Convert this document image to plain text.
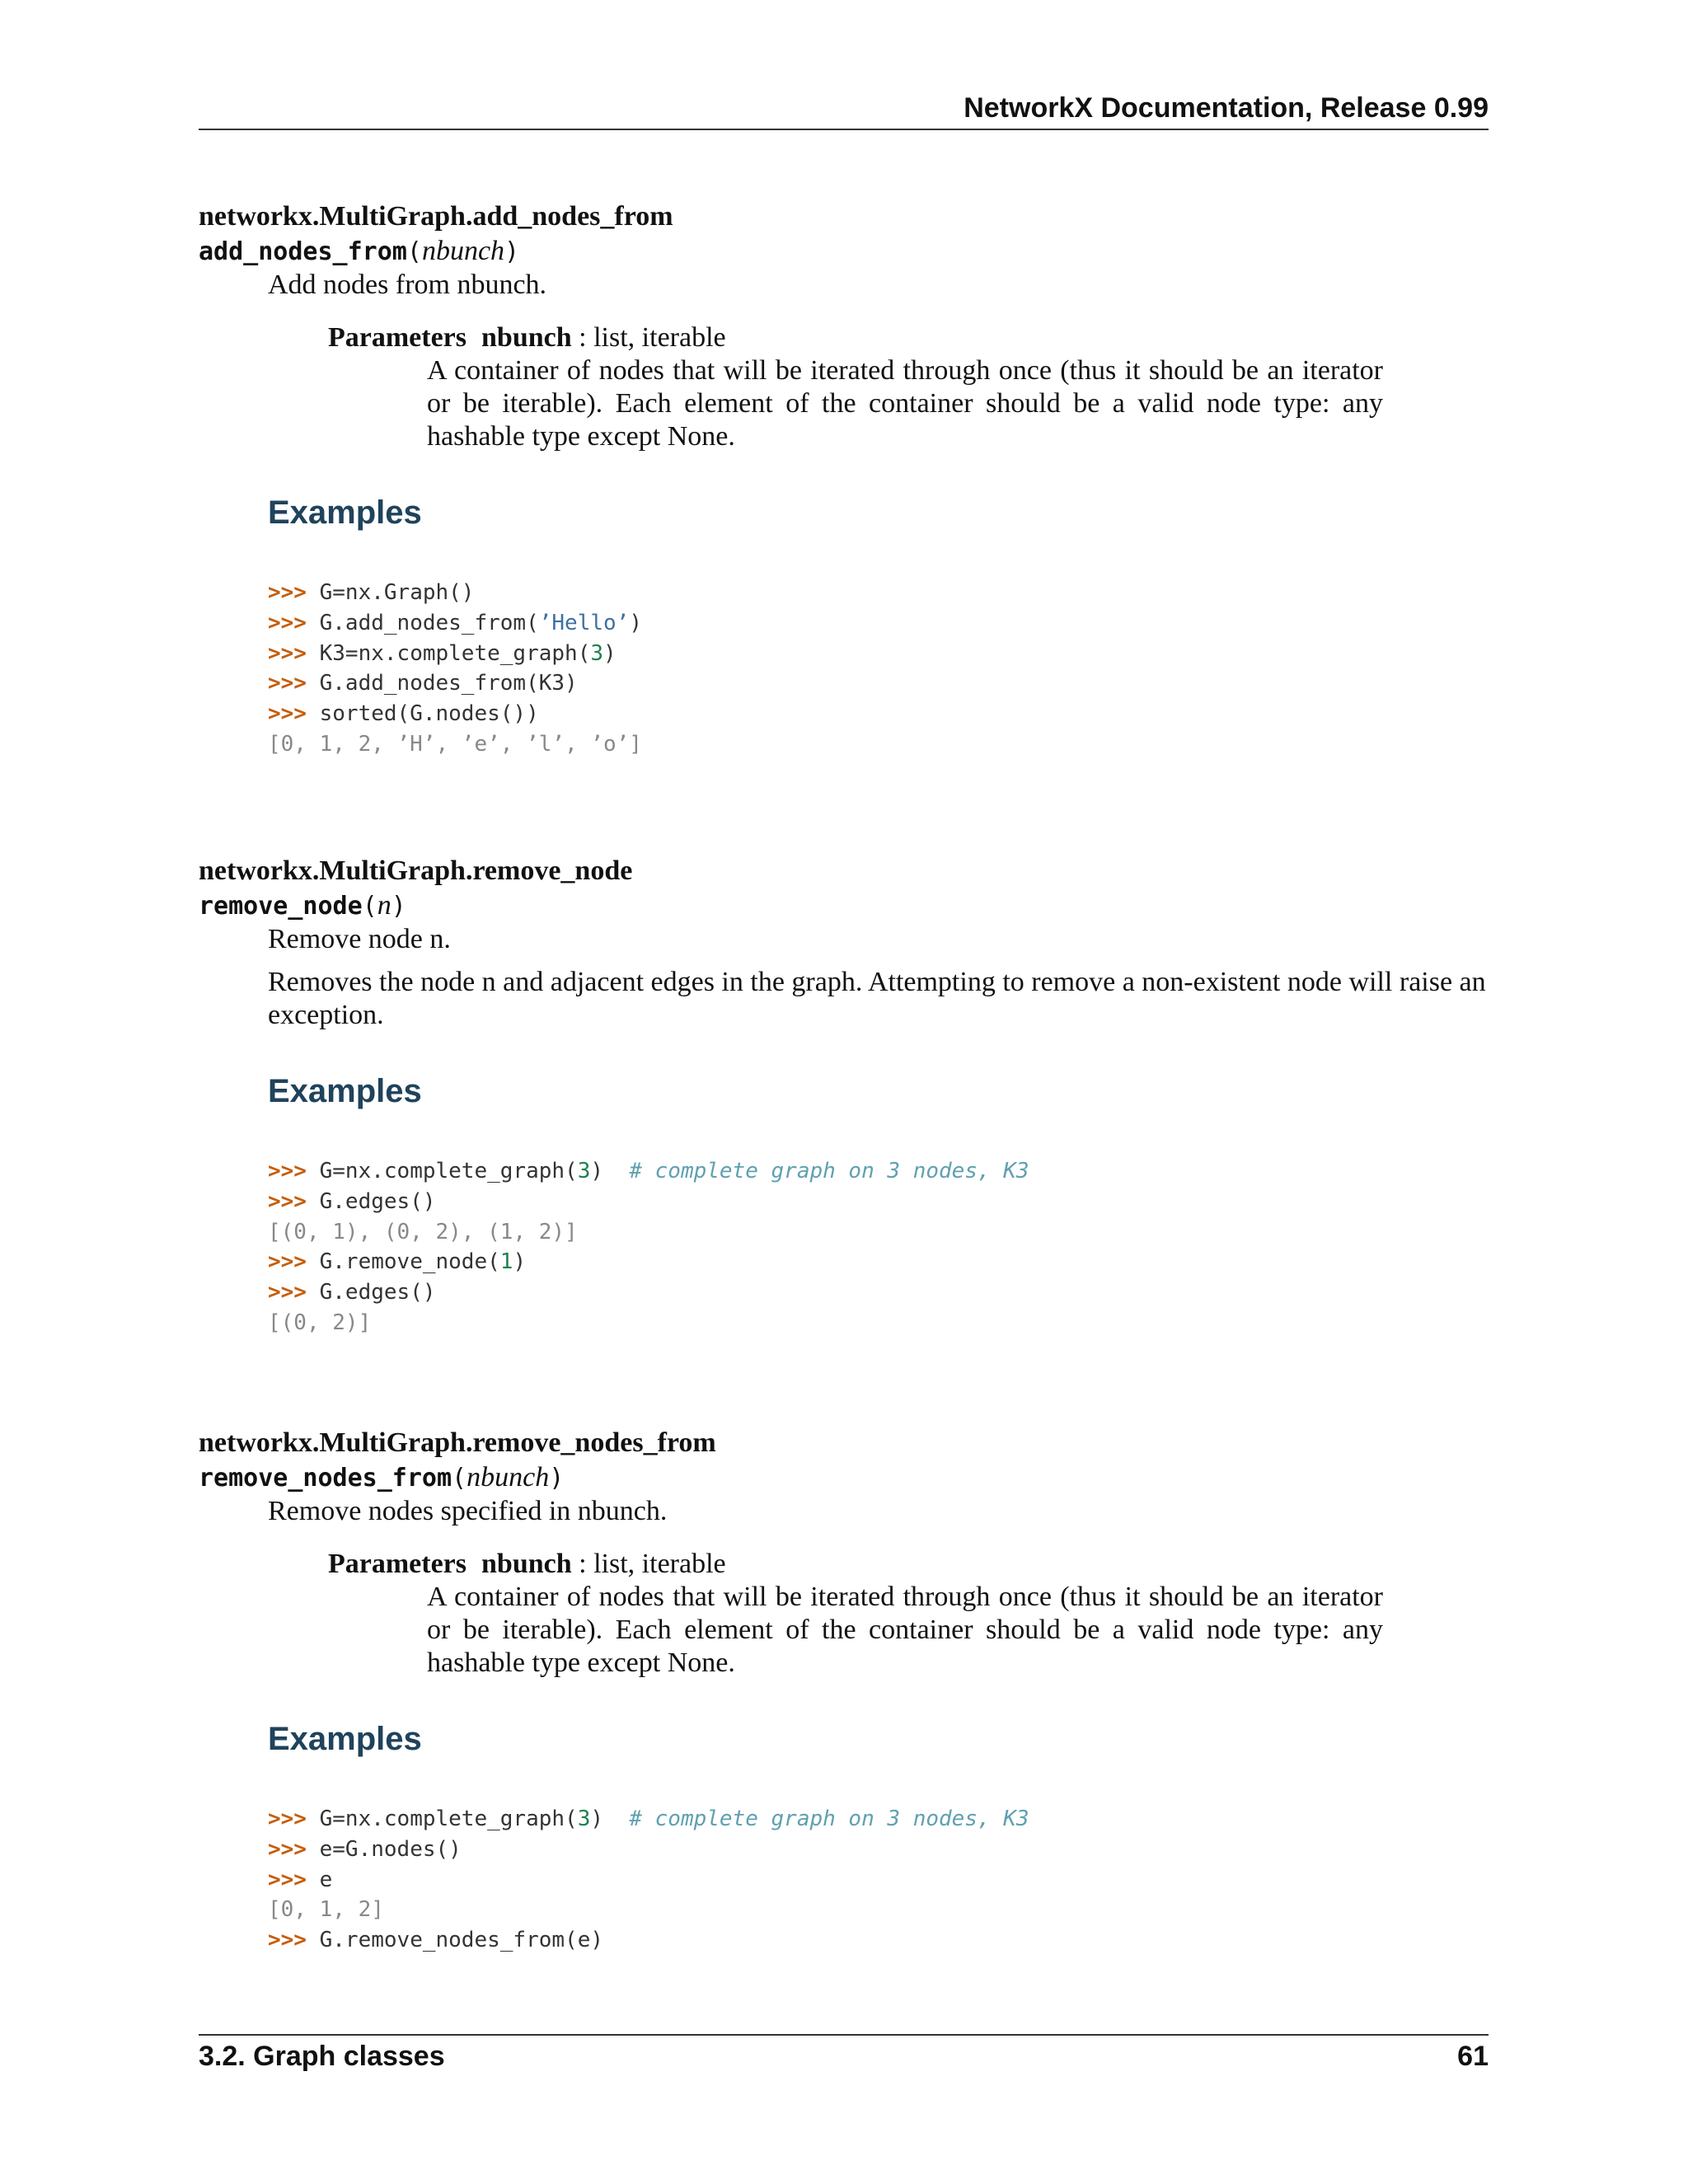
NetworkX Documentation, Release 0.99
networkx.MultiGraph.add_nodes_from
add_nodes_from(nbunch)
Add nodes from nbunch.
Parameters nbunch : list, iterable
A container of nodes that will be iterated through once (thus it should be an iterator or be iterable). Each element of the container should be a valid node type: any hashable type except None.
Examples
>>> G=nx.Graph()
>>> G.add_nodes_from(’Hello’)
>>> K3=nx.complete_graph(3)
>>> G.add_nodes_from(K3)
>>> sorted(G.nodes())
[0, 1, 2, ’H’, ’e’, ’l’, ’o’]
networkx.MultiGraph.remove_node
remove_node(n)
Remove node n.
Removes the node n and adjacent edges in the graph. Attempting to remove a non-existent node will raise an exception.
Examples
>>> G=nx.complete_graph(3)  # complete graph on 3 nodes, K3
>>> G.edges()
[(0, 1), (0, 2), (1, 2)]
>>> G.remove_node(1)
>>> G.edges()
[(0, 2)]
networkx.MultiGraph.remove_nodes_from
remove_nodes_from(nbunch)
Remove nodes specified in nbunch.
Parameters nbunch : list, iterable
A container of nodes that will be iterated through once (thus it should be an iterator or be iterable). Each element of the container should be a valid node type: any hashable type except None.
Examples
>>> G=nx.complete_graph(3)  # complete graph on 3 nodes, K3
>>> e=G.nodes()
>>> e
[0, 1, 2]
>>> G.remove_nodes_from(e)
3.2. Graph classes	61
